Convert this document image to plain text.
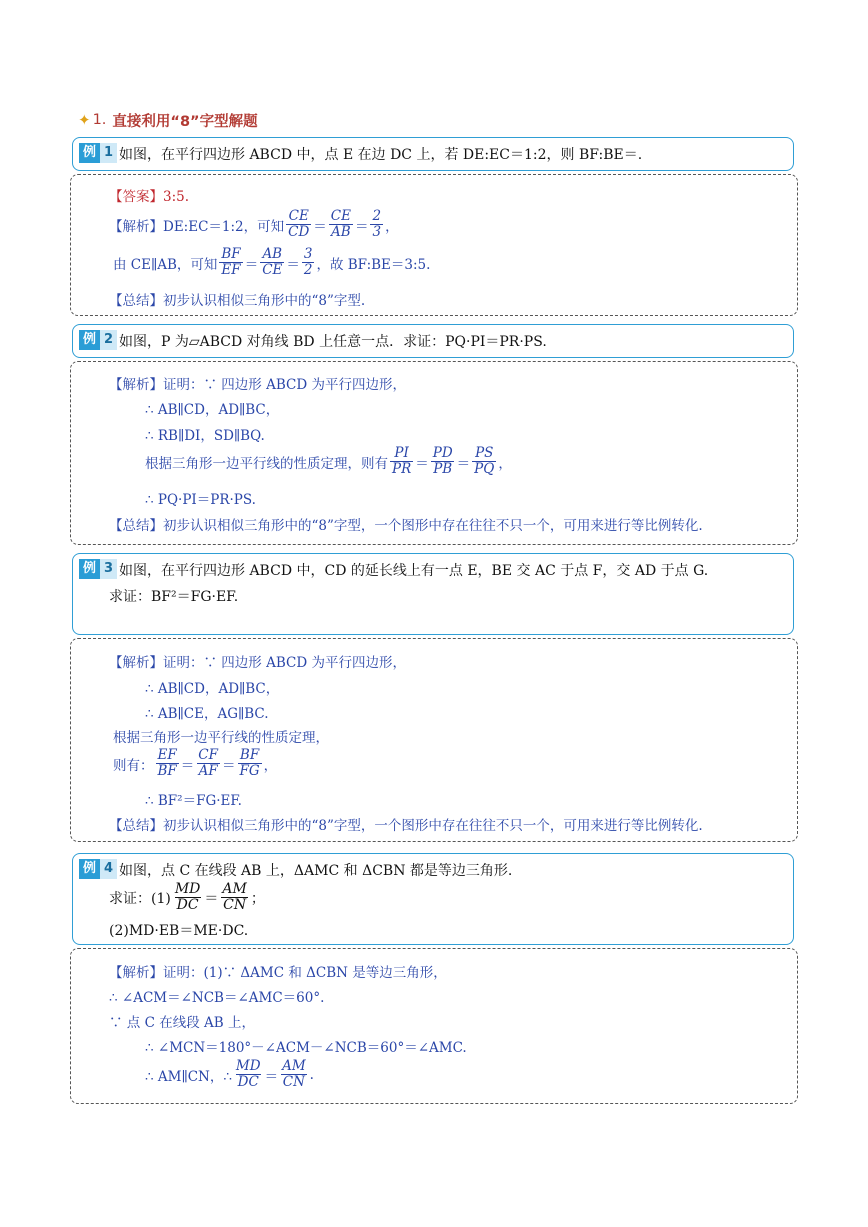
✦ 1. 直接利用“8”字型解题
例 1 如图，在平行四边形 ABCD 中，点 E 在边 DC 上，若 DE:EC＝1:2，则 BF:BE＝.
【答案】3:5.
【解析】DE:EC＝1:2，可知 $\frac{CE}{CD} = \frac{CE}{AB} = \frac{2}{3}$ ，
由 CE∥AB，可知 $\frac{BF}{EF} = \frac{AB}{CE} = \frac{3}{2}$ ，故 BF:BE＝3:5.
【总结】初步认识相似三角形中的“8”字型.
例 2 如图，P 为▱ABCD 对角线 BD 上任意一点．求证：PQ·PI＝PR·PS.
【解析】证明：∵ 四边形 ABCD 为平行四边形，
∴ AB∥CD，AD∥BC，
∴ RB∥DI，SD∥BQ.
根据三角形一边平行线的性质定理，则有 $\frac{PI}{PR} = \frac{PD}{PB} = \frac{PS}{PQ}$ ，
∴ PQ·PI＝PR·PS.
【总结】初步认识相似三角形中的“8”字型，一个图形中存在往往不只一个，可用来进行等比例转化.
例 3 如图，在平行四边形 ABCD 中，CD 的延长线上有一点 E，BE 交 AC 于点 F，交 AD 于点 G.
求证：BF²＝FG·EF.
【解析】证明：∵ 四边形 ABCD 为平行四边形，
∴ AB∥CD，AD∥BC，
∴ AB∥CE，AG∥BC.
根据三角形一边平行线的性质定理，
则有： $\frac{EF}{BF} = \frac{CF}{AF} = \frac{BF}{FG}$ ，
∴ BF²＝FG·EF.
【总结】初步认识相似三角形中的“8”字型，一个图形中存在往往不只一个，可用来进行等比例转化.
例 4 如图，点 C 在线段 AB 上，ΔAMC 和 ΔCBN 都是等边三角形.
求证：$(1) \frac{MD}{DC} = \frac{AM}{CN}$ ；
(2)MD·EB＝ME·DC.
【解析】证明：(1)∵ ΔAMC 和 ΔCBN 是等边三角形，
∴ ∠ACM＝∠NCB＝∠AMC＝60°.
∵ 点 C 在线段 AB 上，
∴ ∠MCN＝180°－∠ACM－∠NCB＝60°＝∠AMC.
∴ AM∥CN，∴ $\frac{MD}{DC} = \frac{AM}{CN}$ .
